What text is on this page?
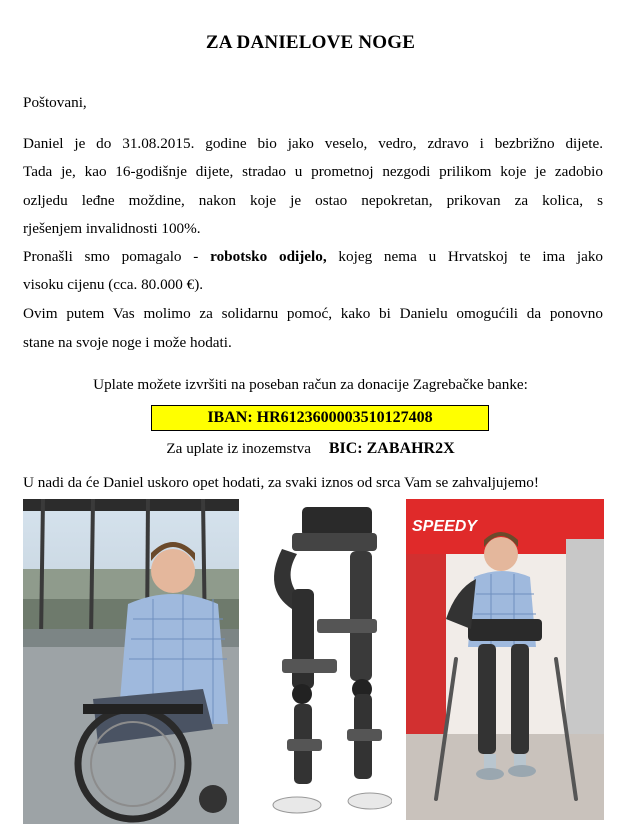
ZA DANIELOVE NOGE
Poštovani,
Daniel je do 31.08.2015. godine bio jako veselo, vedro, zdravo i bezbrižno dijete.
Tada je, kao 16-godišnje dijete, stradao u prometnoj nezgodi prilikom koje je zadobio
ozljedu leđne moždine, nakon koje je ostao nepokretan, prikovan za kolica, s
rješenjem invalidnosti 100%.
Pronašli smo pomagalo - robotsko odijelo, kojeg nema u Hrvatskoj te ima jako
visoku cijenu (cca. 80.000 €).
Ovim putem Vas molimo za solidarnu pomoć, kako bi Danielu omogućili da ponovno
stane na svoje noge i može hodati.
Uplate možete izvršiti na poseban račun za donacije Zagrebačke banke:
IBAN: HR6123600003510127408
Za uplate iz inozemstva BIC: ZABAHR2X
U nadi da će Daniel uskoro opet hodati, za svaki iznos od srca Vam se zahvaljujemo!
SPEEDY
